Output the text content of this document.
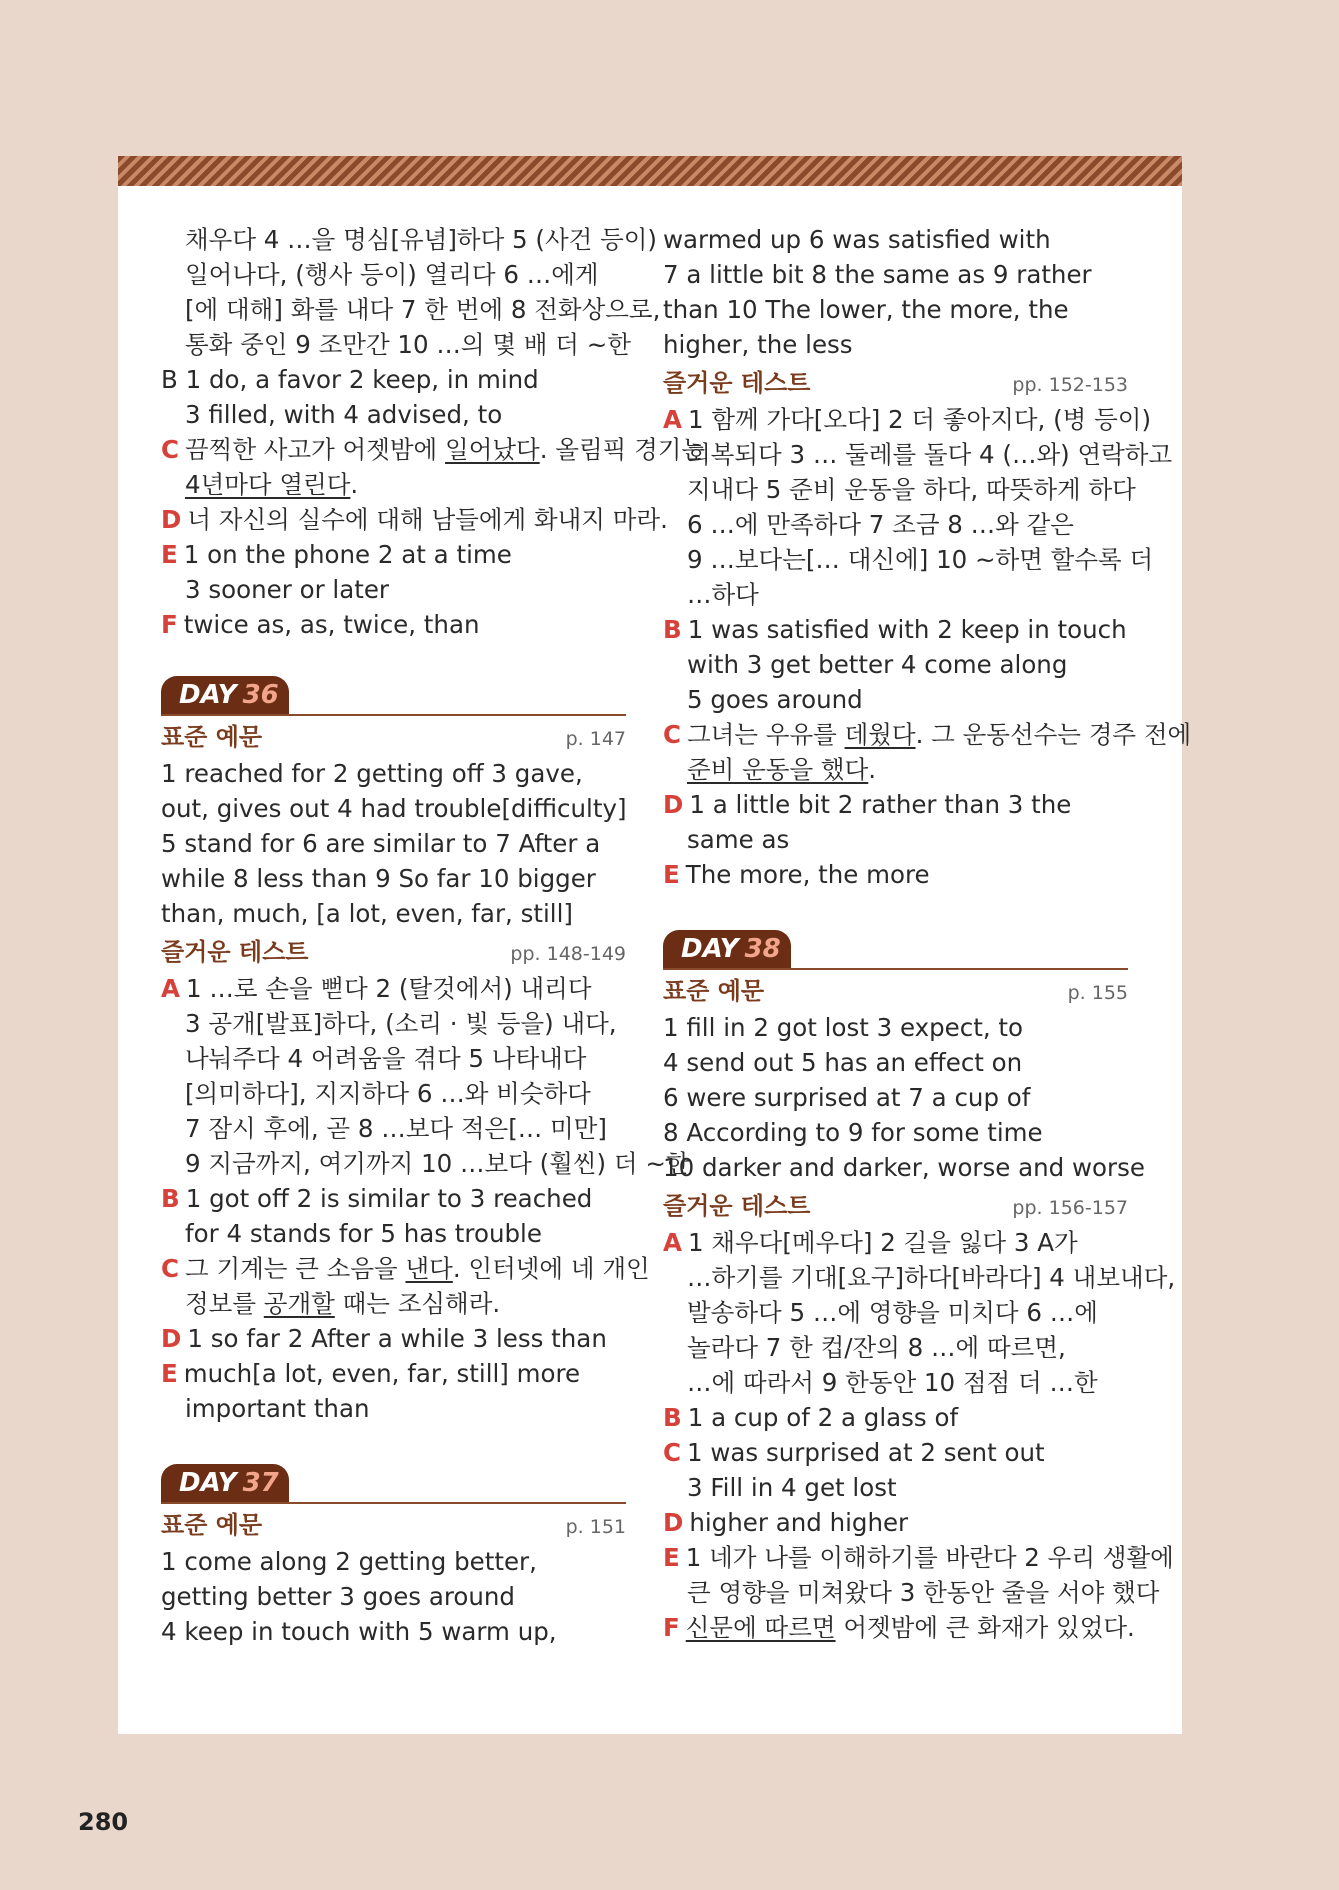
채우다 4 …을 명심[유념]하다 5 (사건 등이)
일어나다, (행사 등이) 열리다 6 …에게
[에 대해] 화를 내다 7 한 번에 8 전화상으로,
통화 중인 9 조만간 10 …의 몇 배 더 ~한
B 1 do, a favor 2 keep, in mind
3 filled, with 4 advised, to
C 끔찍한 사고가 어젯밤에 일어났다. 올림픽 경기는
4년마다 열린다.
D 너 자신의 실수에 대해 남들에게 화내지 마라.
E 1 on the phone 2 at a time
3 sooner or later
F twice as, as, twice, than
DAY 36
표준 예문	p. 147
1 reached for 2 getting off 3 gave,
out, gives out 4 had trouble[difficulty]
5 stand for 6 are similar to 7 After a
while 8 less than 9 So far 10 bigger
than, much, [a lot, even, far, still]
즐거운 테스트	pp. 148-149
A 1 …로 손을 뻗다 2 (탈것에서) 내리다
3 공개[발표]하다, (소리 · 빛 등을) 내다,
나눠주다 4 어려움을 겪다 5 나타내다
[의미하다], 지지하다 6 …와 비슷하다
7 잠시 후에, 곧 8 …보다 적은[… 미만]
9 지금까지, 여기까지 10 …보다 (훨씬) 더 ~한
B 1 got off 2 is similar to 3 reached
for 4 stands for 5 has trouble
C 그 기계는 큰 소음을 낸다. 인터넷에 네 개인
정보를 공개할 때는 조심해라.
D 1 so far 2 After a while 3 less than
E much[a lot, even, far, still] more
important than
DAY 37
표준 예문	p. 151
1 come along 2 getting better,
getting better 3 goes around
4 keep in touch with 5 warm up,
warmed up 6 was satisfied with
7 a little bit 8 the same as 9 rather
than 10 The lower, the more, the
higher, the less
즐거운 테스트	pp. 152-153
A 1 함께 가다[오다] 2 더 좋아지다, (병 등이)
회복되다 3 … 둘레를 돌다 4 (…와) 연락하고
지내다 5 준비 운동을 하다, 따뜻하게 하다
6 …에 만족하다 7 조금 8 …와 같은
9 …보다는[… 대신에] 10 ~하면 할수록 더
…하다
B 1 was satisfied with 2 keep in touch
with 3 get better 4 come along
5 goes around
C 그녀는 우유를 데웠다. 그 운동선수는 경주 전에
준비 운동을 했다.
D 1 a little bit 2 rather than 3 the
same as
E The more, the more
DAY 38
표준 예문	p. 155
1 fill in 2 got lost 3 expect, to
4 send out 5 has an effect on
6 were surprised at 7 a cup of
8 According to 9 for some time
10 darker and darker, worse and worse
즐거운 테스트	pp. 156-157
A 1 채우다[메우다] 2 길을 잃다 3 A가
…하기를 기대[요구]하다[바라다] 4 내보내다,
발송하다 5 …에 영향을 미치다 6 …에
놀라다 7 한 컵/잔의 8 …에 따르면,
…에 따라서 9 한동안 10 점점 더 …한
B 1 a cup of 2 a glass of
C 1 was surprised at 2 sent out
3 Fill in 4 get lost
D higher and higher
E 1 네가 나를 이해하기를 바란다 2 우리 생활에
큰 영향을 미쳐왔다 3 한동안 줄을 서야 했다
F 신문에 따르면 어젯밤에 큰 화재가 있었다.
280
